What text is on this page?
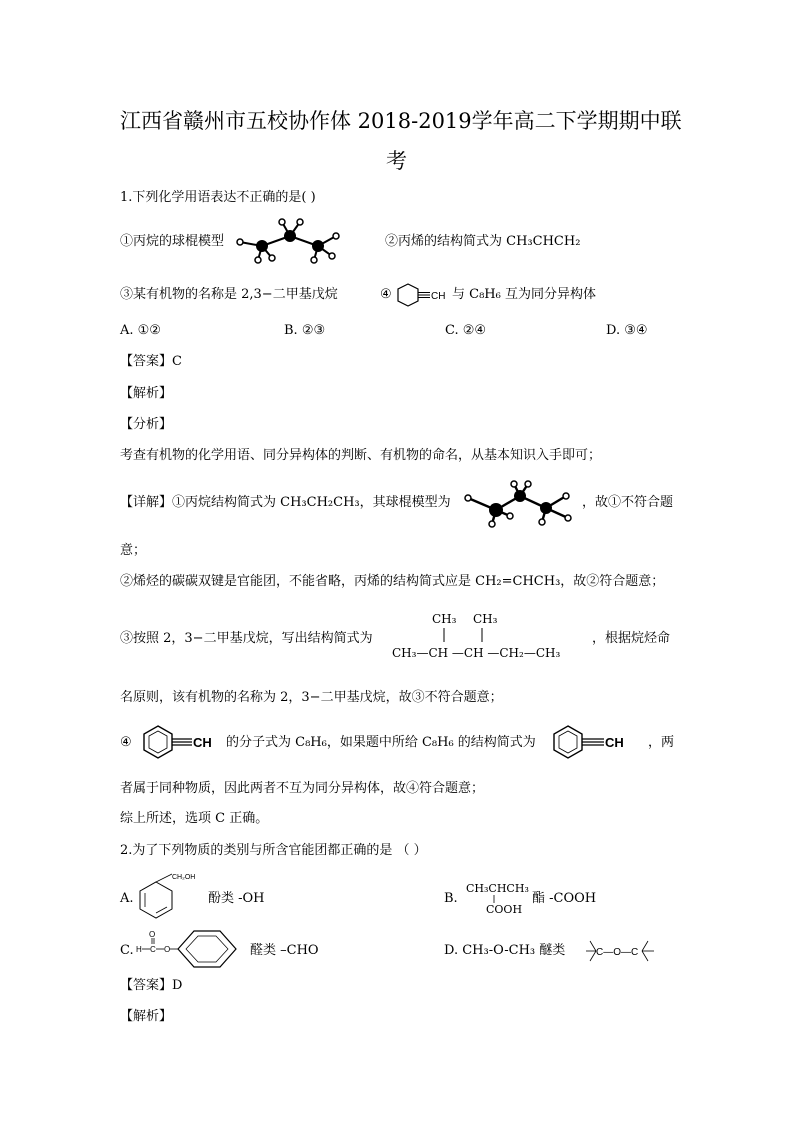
江西省赣州市五校协作体 2018-2019学年高二下学期期中联
考
1.下列化学用语表达不正确的是( )
①丙烷的球棍模型	②丙烯的结构简式为 CH₃CHCH₂
③某有机物的名称是 2,3−二甲基戊烷	④	CH 与 C₈H₆ 互为同分异构体
A. ①②	B. ②③	C. ②④	D. ③④
【答案】C
【解析】
【分析】
考查有机物的化学用语、同分异构体的判断、有机物的命名，从基本知识入手即可；
【详解】①丙烷结构简式为 CH₃CH₂CH₃，其球棍模型为	，故①不符合题
意；
②烯烃的碳碳双键是官能团，不能省略，丙烯的结构简式应是 CH₂=CHCH₃，故②符合题意；
③按照 2，3−二甲基戊烷，写出结构简式为
CH₃ CH₃
CH₃—CH —CH —CH₂—CH₃
，根据烷烃命
名原则，该有机物的名称为 2，3−二甲基戊烷，故③不符合题意；
④	CH 的分子式为 C₈H₆，如果题中所给 C₈H₆ 的结构简式为	CH ，两
者属于同种物质，因此两者不互为同分异构体，故④符合题意；
综上所述，选项 C 正确。
2.为了下列物质的类别与所含官能团都正确的是 （ ）
A.
CH₂OH
酚类 -OH	B.
CH₃CHCH₃
COOH
酯 -COOH
C. H C
O
O	醛类 –CHO	D. CH₃-O-CH₃ 醚类	C—O—C
【答案】D
【解析】
